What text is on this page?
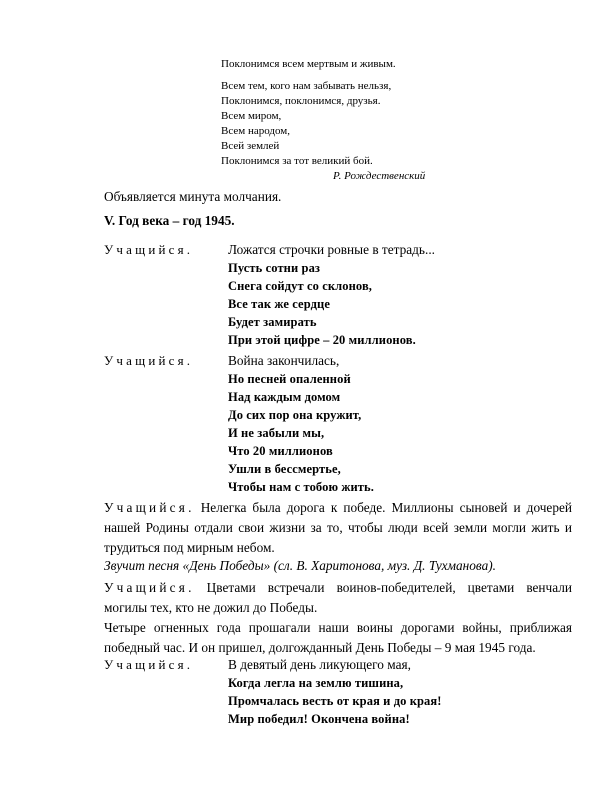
Поклонимся всем мертвым и живым.
Всем тем, кого нам забывать нельзя,
Поклонимся, поклонимся, друзья.
Всем миром,
Всем народом,
Всей землей
Поклонимся за тот великий бой.
Р. Рождественский
Объявляется минута молчания.
V. Год века – год 1945.
Учащийся.	Ложатся строчки ровные в тетрадь...
Пусть сотни раз
Снега сойдут со склонов,
Все так же сердце
Будет замирать
При этой цифре – 20 миллионов.
Учащийся.	Война закончилась,
Но песней опаленной
Над каждым домом
До сих пор она кружит,
И не забыли мы,
Что 20 миллионов
Ушли в бессмертье,
Чтобы нам с тобою жить.
Учащийся. Нелегка была дорога к победе. Миллионы сыновей и дочерей нашей Родины отдали свои жизни за то, чтобы люди всей земли могли жить и трудиться под мирным небом.
Звучит песня «День Победы» (сл. В. Харитонова, муз. Д. Тухманова).
Учащийся. Цветами встречали воинов-победителей, цветами венчали могилы тех, кто не дожил до Победы.
Четыре огненных года прошагали наши воины дорогами войны, приближая победный час. И он пришел, долгожданный День Победы – 9 мая 1945 года.
Учащийся.	В девятый день ликующего мая,
Когда легла на землю тишина,
Промчалась весть от края и до края!
Мир победил! Окончена война!
